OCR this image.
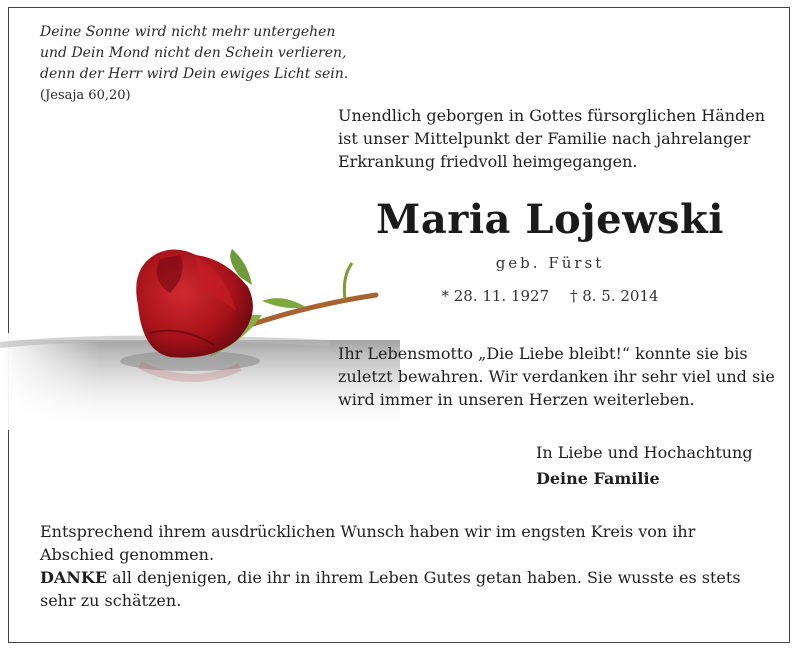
Deine Sonne wird nicht mehr untergehen
und Dein Mond nicht den Schein verlieren,
denn der Herr wird Dein ewiges Licht sein.
(Jesaja 60,20)
Unendlich geborgen in Gottes fürsorglichen Händen
ist unser Mittelpunkt der Familie nach jahrelanger
Erkrankung friedvoll heimgegangen.
Maria Lojewski
geb. Fürst
* 28. 11. 1927 † 8. 5. 2014
Ihr Lebensmotto „Die Liebe bleibt!“ konnte sie bis
zuletzt bewahren. Wir verdanken ihr sehr viel und sie
wird immer in unseren Herzen weiterleben.
In Liebe und Hochachtung
Deine Familie
Entsprechend ihrem ausdrücklichen Wunsch haben wir im engsten Kreis von ihr Abschied genommen.
DANKE all denjenigen, die ihr in ihrem Leben Gutes getan haben. Sie wusste es stets sehr zu schätzen.
